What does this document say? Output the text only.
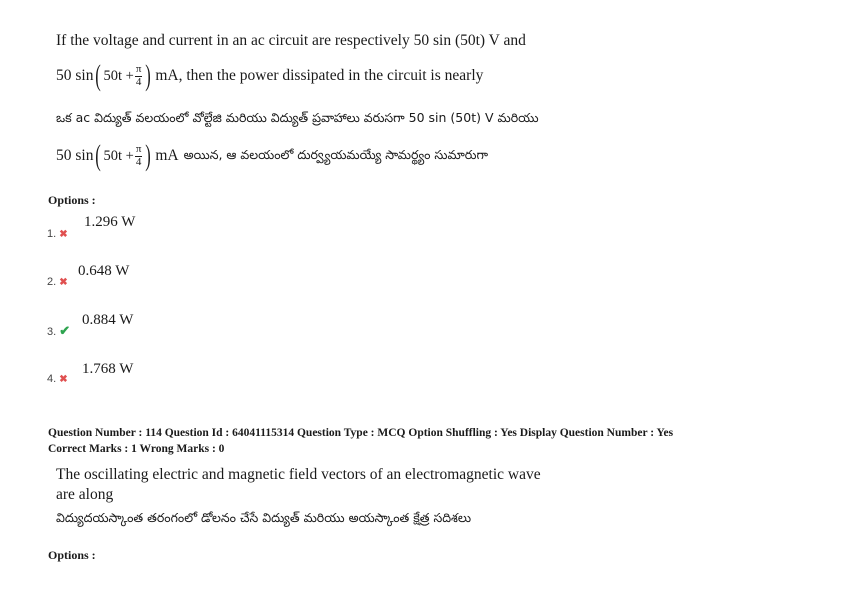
If the voltage and current in an ac circuit are respectively 50 sin (50t) V and
50 sin ( $50t + \frac{\pi}{4}$ ) mA, then the power dissipated in the circuit is nearly
ఒక ac విద్యుత్ వలయంలో వోల్టేజి మరియు విద్యుత్ ప్రవాహాలు వరుసగా 50 sin (50t) V మరియు
50 sin ( $50t + \frac{\pi}{4}$ ) mA అయిన, ఆ వలయంలో దుర్వ్యయమయ్యే సామర్థ్యం సుమారుగా
Options :
1.296 W
1. ✖
0.648 W
2. ✖
0.884 W
3. ✔
1.768 W
4. ✖
Question Number : 114 Question Id : 64041115314 Question Type : MCQ Option Shuffling : Yes Display Question Number : Yes
Correct Marks : 1 Wrong Marks : 0
The oscillating electric and magnetic field vectors of an electromagnetic wave
are along
విద్యుదయస్కాంత తరంగంలో డోలనం చేసే విద్యుత్ మరియు అయస్కాంత క్షేత్ర సదిశలు
Options :
